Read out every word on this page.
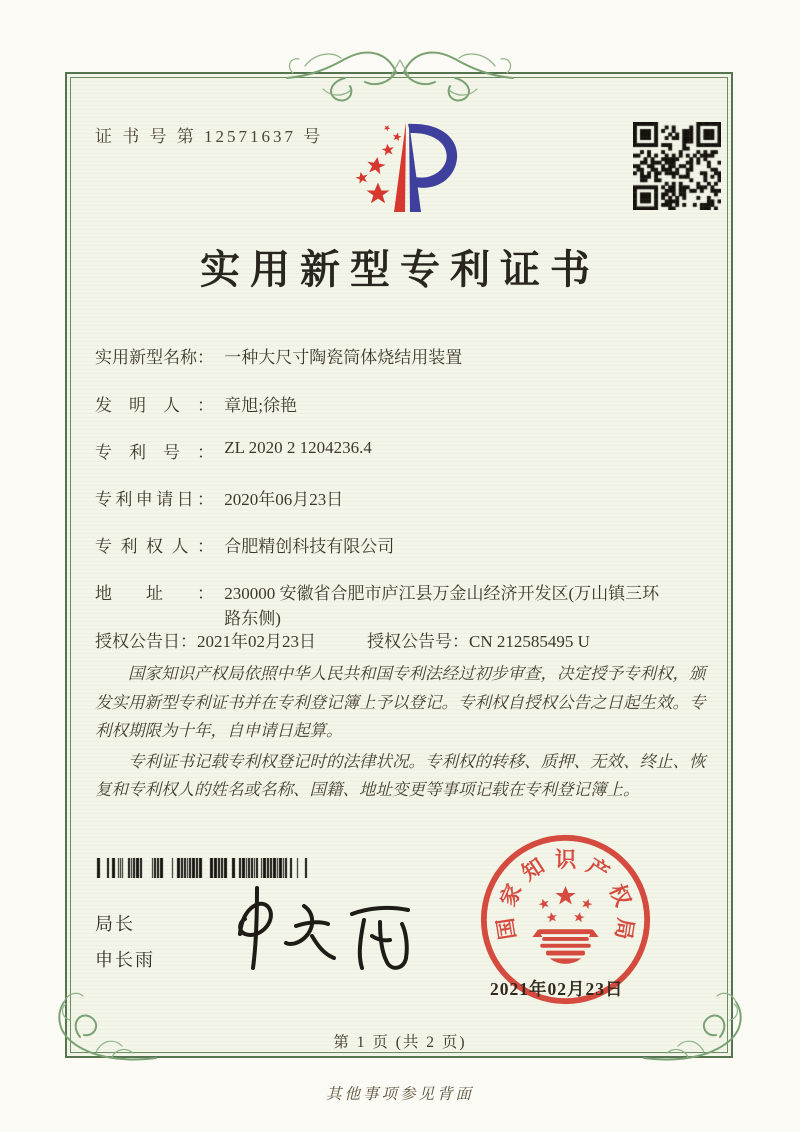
证 书 号 第 12571637 号
实用新型专利证书
实用新型名称： 一种大尺寸陶瓷筒体烧结用装置
发明人： 章旭;徐艳
专利号： ZL 2020 2 1204236.4
专利申请日： 2020年06月23日
专利权人： 合肥精创科技有限公司
地址： 230000 安徽省合肥市庐江县万金山经济开发区(万山镇三环路东侧)
授权公告日：2021年02月23日	授权公告号：CN 212585495 U

国家知识产权局依照中华人民共和国专利法经过初步审查，决定授予专利权，颁发实用新型专利证书并在专利登记簿上予以登记。专利权自授权公告之日起生效。专利权期限为十年，自申请日起算。

专利证书记载专利权登记时的法律状况。专利权的转移、质押、无效、终止、恢复和专利权人的姓名或名称、国籍、地址变更等事项记载在专利登记簿上。

局长
申长雨
国
家
知 识 产
权
局
2021年02月23日
第 1 页 (共 2 页)
其他事项参见背面
